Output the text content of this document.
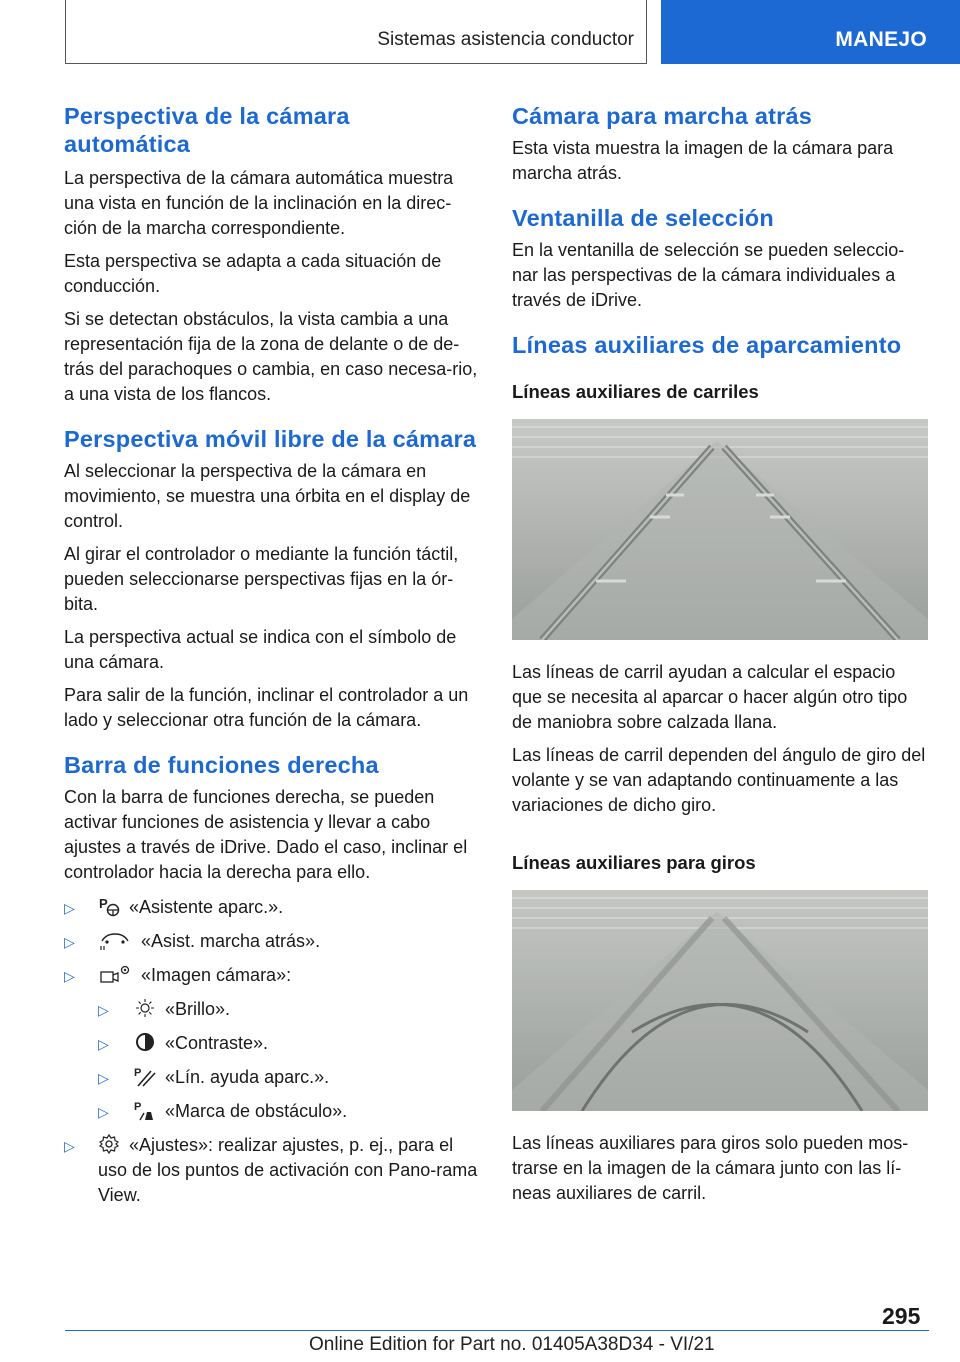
Sistemas asistencia conductor	MANEJO
Perspectiva de la cámara
automática

La perspectiva de la cámara automática muestra una vista en función de la inclinación en la direc‐ción de la marcha correspondiente.

Esta perspectiva se adapta a cada situación de conducción.

Si se detectan obstáculos, la vista cambia a una representación fija de la zona de delante o de de‐trás del parachoques o cambia, en caso necesa‐rio, a una vista de los flancos.

Perspectiva móvil libre de la cámara

Al seleccionar la perspectiva de la cámara en movimiento, se muestra una órbita en el display de control.

Al girar el controlador o mediante la función táctil, pueden seleccionarse perspectivas fijas en la ór‐bita.

La perspectiva actual se indica con el símbolo de una cámara.

Para salir de la función, inclinar el controlador a un lado y seleccionar otra función de la cámara.

Barra de funciones derecha

Con la barra de funciones derecha, se pueden activar funciones de asistencia y llevar a cabo ajustes a través de iDrive. Dado el caso, inclinar el controlador hacia la derecha para ello.

▷ P «Asistente aparc.».
▷	«Asist. marcha atrás».
▷	«Imagen cámara»:
▷	«Brillo».
▷	«Contraste».
▷ P «Lín. ayuda aparc.».
▷ P «Marca de obstáculo».
▷	«Ajustes»: realizar ajustes, p. ej., para el uso de los puntos de activación con Pano‐rama View.
Cámara para marcha atrás

Esta vista muestra la imagen de la cámara para marcha atrás.

Ventanilla de selección

En la ventanilla de selección se pueden seleccio‐nar las perspectivas de la cámara individuales a través de iDrive.

Líneas auxiliares de aparcamiento
Líneas auxiliares de carriles

Las líneas de carril ayudan a calcular el espacio que se necesita al aparcar o hacer algún otro tipo de maniobra sobre calzada llana.

Las líneas de carril dependen del ángulo de giro del volante y se van adaptando continuamente a las variaciones de dicho giro.

Líneas auxiliares para giros

Las líneas auxiliares para giros solo pueden mos‐trarse en la imagen de la cámara junto con las lí‐neas auxiliares de carril.

295
Online Edition for Part no. 01405A38D34 - VI/21
